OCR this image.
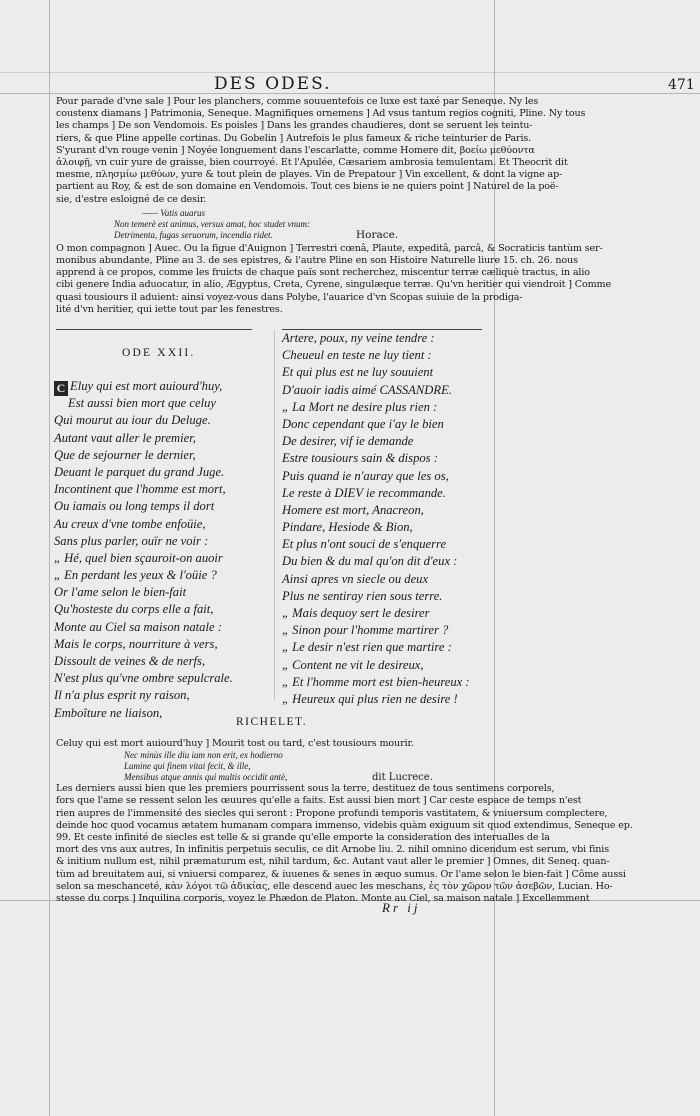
DES ODES.	471
Pour parade d'vne sale ] Pour les planchers, comme souuentefois ce luxe est taxé par Seneque. Ny les
coustenx diamans ] Patrimonia, Seneque. Magnifiques ornemens ] Ad vsus tantum regios cogniti, Pline. Ny tous
les champs ] De son Vendomois. Es poisles ] Dans les grandes chaudieres, dont se seruent les teintu-
riers, & que Pline appelle cortinas. Du Gobelin ] Autrefois le plus fameux & riche teinturier de Paris.
S'yurant d'vn rouge venin ] Noyée longuement dans l'escarlatte, comme Homere dit, βοείω μεθύοντα
ἀλοιφῇ, vn cuir yure de graisse, bien courroyé. Et l'Apulée, Cæsariem ambrosia temulentam. Et Theocrit dit
mesme, πλησμίω μεθύων, yure & tout plein de playes. Vin de Prepatour ] Vin excellent, & dont la vigne ap-
partient au Roy, & est de son domaine en Vendomois. Tout ces biens ie ne quiers point ] Naturel de la poë-
sie, d'estre esloigné de ce desir.
—— Vatis auarus
Non temerè est animus, versus amat, hoc studet vnum:
Detrimenta, fugas seruorum, incendia ridet.	Horace.
O mon compagnon ] Auec. Ou la figue d'Auignon ] Terrestri cœnâ, Plaute, expeditâ, parcâ, & Socraticis tantùm ser-
monibus abundante, Pline au 3. de ses epistres, & l'autre Pline en son Histoire Naturelle liure 15. ch. 26. nous
apprend à ce propos, comme les fruicts de chaque païs sont recherchez, miscentur terræ cæliquè tractus, in alio
cibi genere India aduocatur, in alio, Ægyptus, Creta, Cyrene, singulæque terræ. Qu'vn heritier qui viendroit ] Comme
quasi tousiours il aduient: ainsi voyez-vous dans Polybe, l'auarice d'vn Scopas suiuie de la prodiga-
lité d'vn heritier, qui iette tout par les fenestres.
ODE XXII.
C Eluy qui est mort auiourd'huy,
Est aussi bien mort que celuy
Qui mourut au iour du Deluge.
Autant vaut aller le premier,
Que de sejourner le dernier,
Deuant le parquet du grand Juge.
Incontinent que l'homme est mort,
Ou iamais ou long temps il dort
Au creux d'vne tombe enfoüie,
Sans plus parler, ouïr ne voir :
„ Hé, quel bien sçauroit-on auoir
„ En perdant les yeux & l'oüie ?
Or l'ame selon le bien-fait
Qu'hosteste du corps elle a fait,
Monte au Ciel sa maison natale :
Mais le corps, nourriture à vers,
Dissoult de veines & de nerfs,
N'est plus qu'vne ombre sepulcrale.
Il n'a plus esprit ny raison,
Emboîture ne liaison,
Artere, poux, ny veine tendre :
Cheueul en teste ne luy tient :
Et qui plus est ne luy souuient
D'auoir iadis aimé CASSANDRE.
„ La Mort ne desire plus rien :
Donc cependant que i'ay le bien
De desirer, vif ie demande
Estre tousiours sain & dispos :
Puis quand ie n'auray que les os,
Le reste à DIEV ie recommande.
Homere est mort, Anacreon,
Pindare, Hesiode & Bion,
Et plus n'ont souci de s'enquerre
Du bien & du mal qu'on dit d'eux :
Ainsi apres vn siecle ou deux
Plus ne sentiray rien sous terre.
„ Mais dequoy sert le desirer
„ Sinon pour l'homme martirer ?
„ Le desir n'est rien que martire :
„ Content ne vit le desireux,
„ Et l'homme mort est bien-heureux :
„ Heureux qui plus rien ne desire !
RICHELET.
Celuy qui est mort auiourd'huy ] Mourit tost ou tard, c'est tousiours mourir.
Nec minùs ille diu iam non erit, ex hodierno
Lumine qui finem vitai fecit, & ille,
Mensibus atque annis qui multis occidit antè,	dit Lucrece.
Les derniers aussi bien que les premiers pourrissent sous la terre, destituez de tous sentimens corporels,
fors que l'ame se ressent selon les œuures qu'elle a faits. Est aussi bien mort ] Car ceste espace de temps n'est
rien aupres de l'immensité des siecles qui seront : Propone profundi temporis vastitatem, & vniuersum complectere,
deinde hoc quod vocamus ætatem humanam compara immenso, videbis quàm exiguum sit quod extendimus, Seneque ep.
99. Et ceste infinité de siecles est telle & si grande qu'elle emporte la consideration des interualles de la
mort des vns aux autres, In infinitis perpetuis seculis, ce dit Arnobe liu. 2. nihil omnino dicendum est serum, vbi finis
& initium nullum est, nihil præmaturum est, nihil tardum, &c. Autant vaut aller le premier ] Omnes, dit Seneq. quan-
tùm ad breuitatem aui, si vniuersi comparez, & iuuenes & senes in æquo sumus. Or l'ame selon le bien-fait ] Côme aussi
selon sa meschanceté, κὰν λόγοι τῶ ἀδικίας, elle descend auec les meschans, ἐς τὸν χῶρον τῶν ἀσεβῶν, Lucian. Ho-
stesse du corps ] Inquilina corporis, voyez le Phædon de Platon. Monte au Ciel, sa maison natale ] Excellemment
Rr ij
